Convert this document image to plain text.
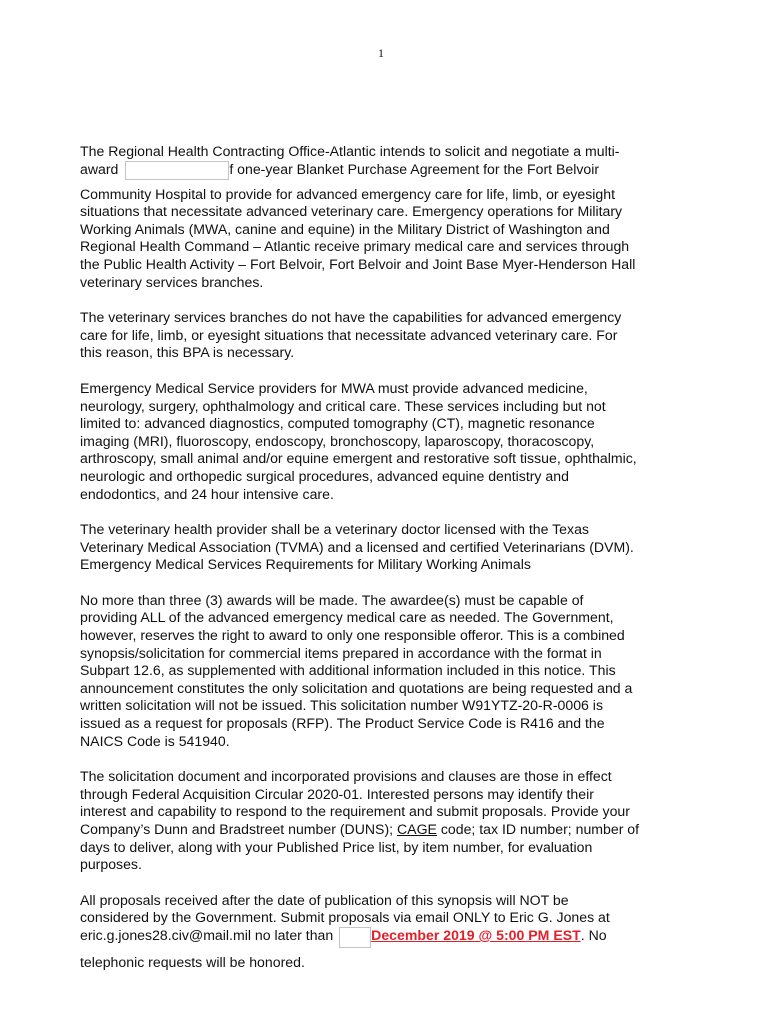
1
The Regional Health Contracting Office-Atlantic intends to solicit and negotiate a multi-
award	f one-year Blanket Purchase Agreement for the Fort Belvoir
Community Hospital to provide for advanced emergency care for life, limb, or eyesight
situations that necessitate advanced veterinary care. Emergency operations for Military
Working Animals (MWA, canine and equine) in the Military District of Washington and
Regional Health Command – Atlantic receive primary medical care and services through
the Public Health Activity – Fort Belvoir, Fort Belvoir and Joint Base Myer-Henderson Hall
veterinary services branches.
The veterinary services branches do not have the capabilities for advanced emergency
care for life, limb, or eyesight situations that necessitate advanced veterinary care. For
this reason, this BPA is necessary.
Emergency Medical Service providers for MWA must provide advanced medicine,
neurology, surgery, ophthalmology and critical care. These services including but not
limited to: advanced diagnostics, computed tomography (CT), magnetic resonance
imaging (MRI), fluoroscopy, endoscopy, bronchoscopy, laparoscopy, thoracoscopy,
arthroscopy, small animal and/or equine emergent and restorative soft tissue, ophthalmic,
neurologic and orthopedic surgical procedures, advanced equine dentistry and
endodontics, and 24 hour intensive care.
The veterinary health provider shall be a veterinary doctor licensed with the Texas
Veterinary Medical Association (TVMA) and a licensed and certified Veterinarians (DVM).
Emergency Medical Services Requirements for Military Working Animals
No more than three (3) awards will be made. The awardee(s) must be capable of
providing ALL of the advanced emergency medical care as needed. The Government,
however, reserves the right to award to only one responsible offeror. This is a combined
synopsis/solicitation for commercial items prepared in accordance with the format in
Subpart 12.6, as supplemented with additional information included in this notice. This
announcement constitutes the only solicitation and quotations are being requested and a
written solicitation will not be issued. This solicitation number W91YTZ-20-R-0006 is
issued as a request for proposals (RFP). The Product Service Code is R416 and the
NAICS Code is 541940.
The solicitation document and incorporated provisions and clauses are those in effect
through Federal Acquisition Circular 2020-01. Interested persons may identify their
interest and capability to respond to the requirement and submit proposals. Provide your
Company’s Dunn and Bradstreet number (DUNS); CAGE code; tax ID number; number of
days to deliver, along with your Published Price list, by item number, for evaluation
purposes.
All proposals received after the date of publication of this synopsis will NOT be
considered by the Government. Submit proposals via email ONLY to Eric G. Jones at
eric.g.jones28.civ@mail.mil no later than December 2019 @ 5:00 PM EST. No
telephonic requests will be honored.
